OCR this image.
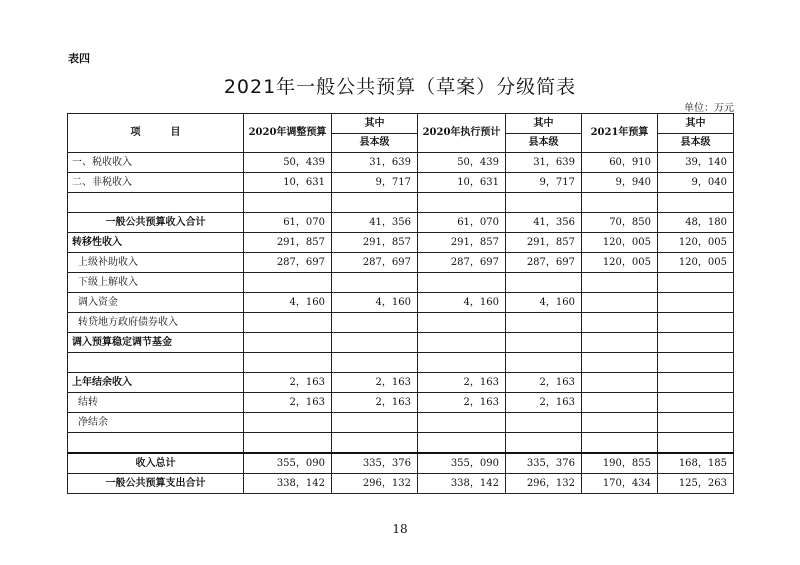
表四
2021年一般公共预算（草案）分级简表
单位：万元
项　　　目	2020年调整预算	其中	2020年执行预计	其中	2021年预算	其中
		县本级		县本级		县本级
一、税收收入	50，439	31，639	50，439	31，639	60，910	39，140
二、非税收入	10，631	9，717	10，631	9，717	9，940	9，040

一般公共预算收入合计	61，070	41，356	61，070	41，356	70，850	48，180
转移性收入	291，857	291，857	291，857	291，857	120，005	120，005
上级补助收入	287，697	287，697	287，697	287，697	120，005	120，005
下级上解收入						
调入资金	4，160	4，160	4，160	4，160		
转贷地方政府债券收入						
调入预算稳定调节基金						

上年结余收入	2，163	2，163	2，163	2，163		
结转	2，163	2，163	2，163	2，163		
净结余						

收入总计	355，090	335，376	355，090	335，376	190，855	168，185
一般公共预算支出合计	338，142	296，132	338，142	296，132	170，434	125，263
18
